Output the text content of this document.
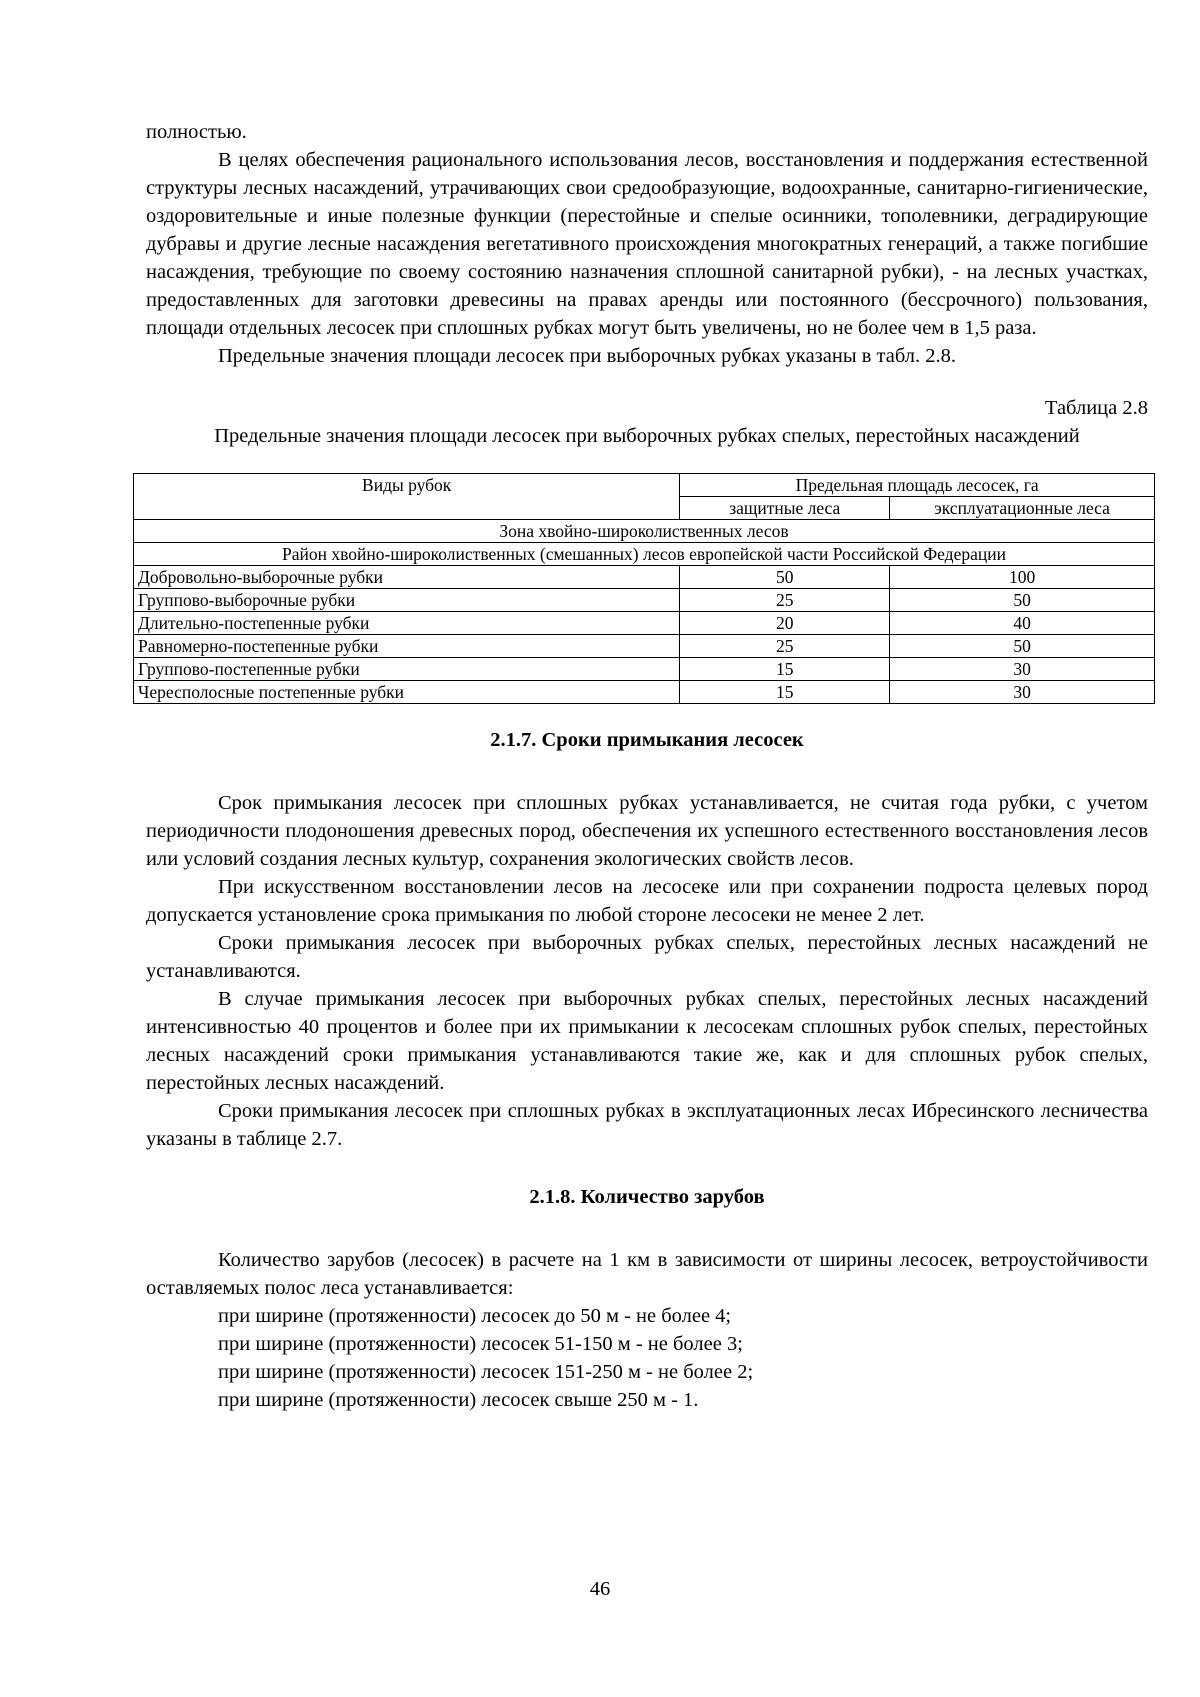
полностью.

В целях обеспечения рационального использования лесов, восстановления и поддержания естественной структуры лесных насаждений, утрачивающих свои средообразующие, водоохранные, санитарно-гигиенические, оздоровительные и иные полезные функции (перестойные и спелые осинники, тополевники, деградирующие дубравы и другие лесные насаждения вегетативного происхождения многократных генераций, а также погибшие насаждения, требующие по своему состоянию назначения сплошной санитарной рубки), - на лесных участках, предоставленных для заготовки древесины на правах аренды или постоянного (бессрочного) пользования, площади отдельных лесосек при сплошных рубках могут быть увеличены, но не более чем в 1,5 раза.

Предельные значения площади лесосек при выборочных рубках указаны в табл. 2.8.

Таблица 2.8

Предельные значения площади лесосек при выборочных рубках спелых, перестойных насаждений
Виды рубок	Предельная площадь лесосек, га	
	защитные леса	эксплуатационные леса
Зона хвойно-широколиственных лесов		
Район хвойно-широколиственных (смешанных) лесов европейской части Российской Федерации		
Добровольно-выборочные рубки	50	100
Группово-выборочные рубки	25	50
Длительно-постепенные рубки	20	40
Равномерно-постепенные рубки	25	50
Группово-постепенные рубки	15	30
Чересполосные постепенные рубки	15	30
2.1.7. Сроки примыкания лесосек

Срок примыкания лесосек при сплошных рубках устанавливается, не считая года рубки, с учетом периодичности плодоношения древесных пород, обеспечения их успешного естественного восстановления лесов или условий создания лесных культур, сохранения экологических свойств лесов.

При искусственном восстановлении лесов на лесосеке или при сохранении подроста целевых пород допускается установление срока примыкания по любой стороне лесосеки не менее 2 лет.

Сроки примыкания лесосек при выборочных рубках спелых, перестойных лесных насаждений не устанавливаются.

В случае примыкания лесосек при выборочных рубках спелых, перестойных лесных насаждений интенсивностью 40 процентов и более при их примыкании к лесосекам сплошных рубок спелых, перестойных лесных насаждений сроки примыкания устанавливаются такие же, как и для сплошных рубок спелых, перестойных лесных насаждений.

Сроки примыкания лесосек при сплошных рубках в эксплуатационных лесах Ибресинского лесничества указаны в таблице 2.7.

2.1.8. Количество зарубов

Количество зарубов (лесосек) в расчете на 1 км в зависимости от ширины лесосек, ветроустойчивости оставляемых полос леса устанавливается:

при ширине (протяженности) лесосек до 50 м - не более 4;

при ширине (протяженности) лесосек 51-150 м - не более 3;

при ширине (протяженности) лесосек 151-250 м - не более 2;

при ширине (протяженности) лесосек свыше 250 м - 1.

46
